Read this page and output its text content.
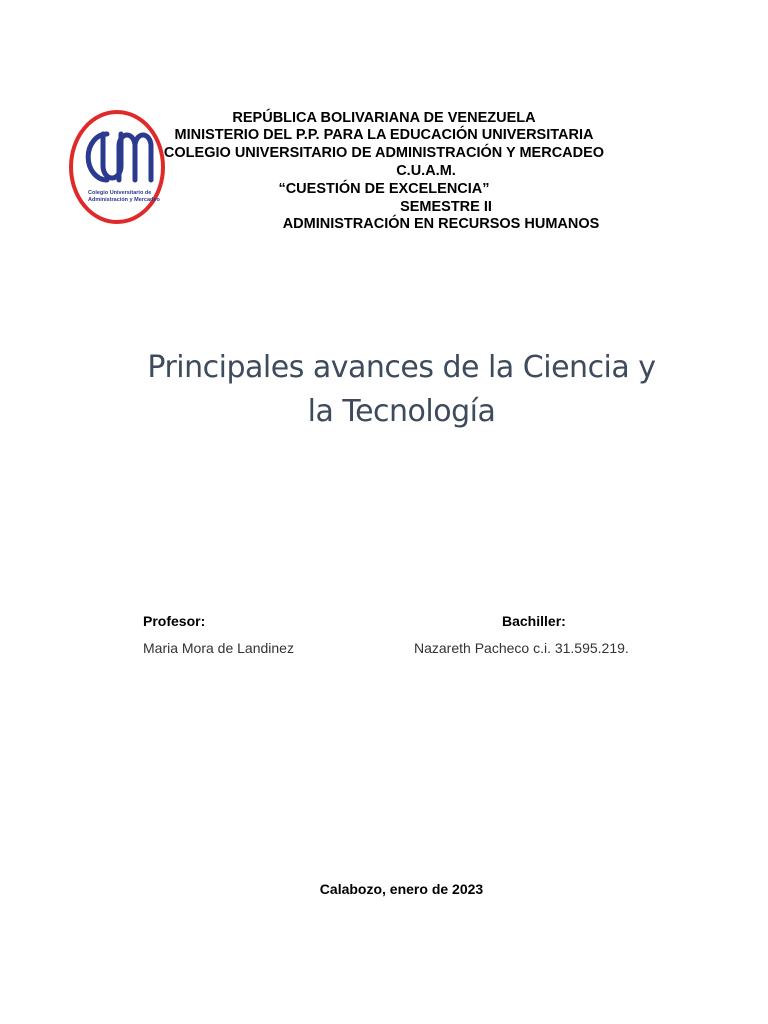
Colegio Universitario de
Administración y Mercadeo
REPÚBLICA BOLIVARIANA DE VENEZUELA
MINISTERIO DEL P.P. PARA LA EDUCACIÓN UNIVERSITARIA
COLEGIO UNIVERSITARIO DE ADMINISTRACIÓN Y MERCADEO
C.U.A.M.
“CUESTIÓN DE EXCELENCIA”
SEMESTRE II
ADMINISTRACIÓN EN RECURSOS HUMANOS
Principales avances de la Ciencia y
la Tecnología
Profesor:
Maria Mora de Landinez
Bachiller:
Nazareth Pacheco c.i. 31.595.219.
Calabozo, enero de 2023
